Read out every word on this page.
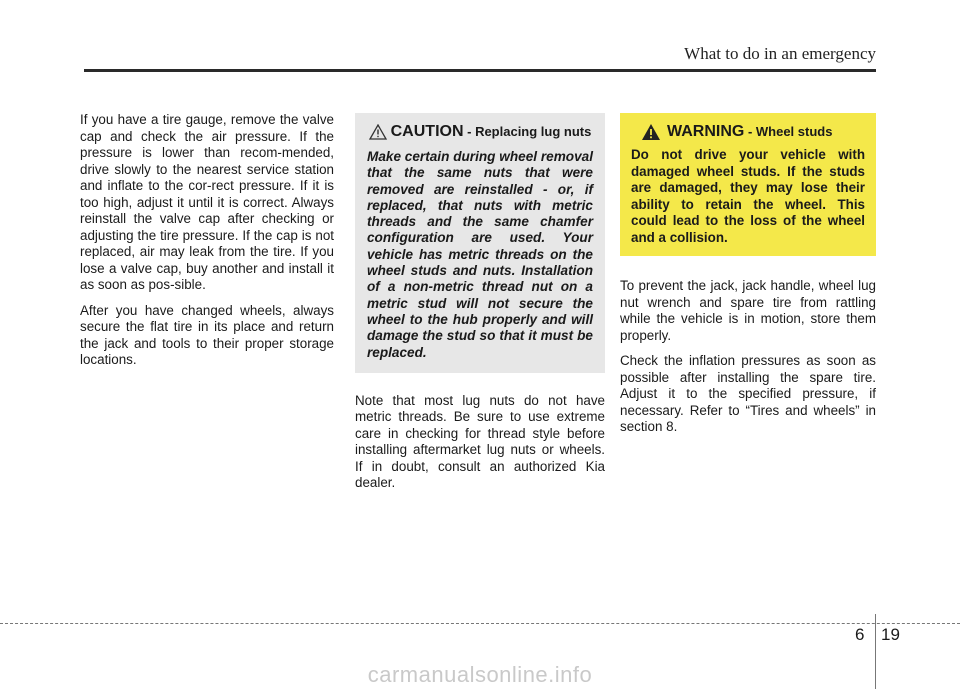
What to do in an emergency

If you have a tire gauge, remove the valve cap and check the air pressure. If the pressure is lower than recom-mended, drive slowly to the nearest service station and inflate to the cor-rect pressure. If it is too high, adjust it until it is correct. Always reinstall the valve cap after checking or adjusting the tire pressure. If the cap is not replaced, air may leak from the tire. If you lose a valve cap, buy another and install it as soon as pos-sible.

After you have changed wheels, always secure the flat tire in its place and return the jack and tools to their proper storage locations.

CAUTION - Replacing lug nuts
Make certain during wheel removal that the same nuts that were removed are reinstalled - or, if replaced, that nuts with metric threads and the same chamfer configuration are used. Your vehicle has metric threads on the wheel studs and nuts. Installation of a non-metric thread nut on a metric stud will not secure the wheel to the hub properly and will damage the stud so that it must be replaced.

Note that most lug nuts do not have metric threads. Be sure to use extreme care in checking for thread style before installing aftermarket lug nuts or wheels. If in doubt, consult an authorized Kia dealer.

WARNING - Wheel studs
Do not drive your vehicle with damaged wheel studs. If the studs are damaged, they may lose their ability to retain the wheel. This could lead to the loss of the wheel and a collision.

To prevent the jack, jack handle, wheel lug nut wrench and spare tire from rattling while the vehicle is in motion, store them properly.

Check the inflation pressures as soon as possible after installing the spare tire. Adjust it to the specified pressure, if necessary. Refer to “Tires and wheels” in section 8.

6 19
carmanualsonline.info
